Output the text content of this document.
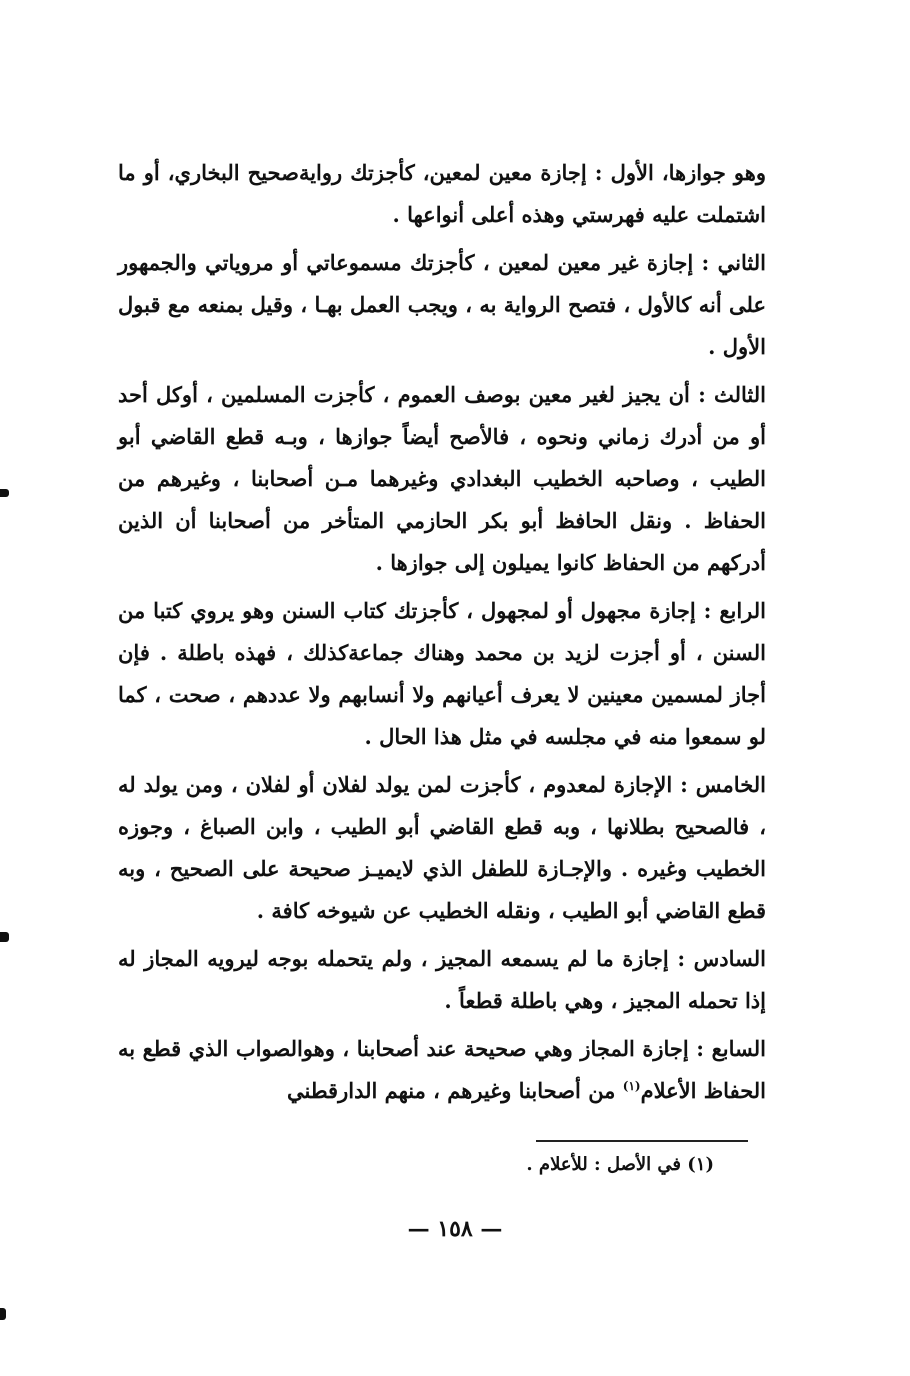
وهو جوازها، الأول : إجازة معين لمعين، كأجزتك روايةصحيح البخاري، أو ما اشتملت عليه فهرستي وهذه أعلى أنواعها .

الثاني : إجازة غير معين لمعين ، كأجزتك مسموعاتي أو مروياتي والجمهور على أنه كالأول ، فتصح الرواية به ، ويجب العمل بهـا ، وقيل بمنعه مع قبول الأول .

الثالث : أن يجيز لغير معين بوصف العموم ، كأجزت المسلمين ، أوكل أحد أو من أدرك زماني ونحوه ، فالأصح أيضاً جوازها ، وبـه قطع القاضي أبو الطيب ، وصاحبه الخطيب البغدادي وغيرهما مـن أصحابنا ، وغيرهم من الحفاظ . ونقل الحافظ أبو بكر الحازمي المتأخر من أصحابنا أن الذين أدركهم من الحفاظ كانوا يميلون إلى جوازها .

الرابع : إجازة مجهول أو لمجهول ، كأجزتك كتاب السنن وهو يروي كتبا من السنن ، أو أجزت لزيد بن محمد وهناك جماعةكذلك ، فهذه باطلة . فإن أجاز لمسمين معينين لا يعرف أعيانهم ولا أنسابهم ولا عددهم ، صحت ، كما لو سمعوا منه في مجلسه في مثل هذا الحال .

الخامس : الإجازة لمعدوم ، كأجزت لمن يولد لفلان أو لفلان ، ومن يولد له ، فالصحيح بطلانها ، وبه قطع القاضي أبو الطيب ، وابن الصباغ ، وجوزه الخطيب وغيره . والإجـازة للطفل الذي لايميـز صحيحة على الصحيح ، وبه قطع القاضي أبو الطيب ، ونقله الخطيب عن شيوخه كافة .

السادس : إجازة ما لم يسمعه المجيز ، ولم يتحمله بوجه ليرويه المجاز له إذا تحمله المجيز ، وهي باطلة قطعاً .

السابع : إجازة المجاز وهي صحيحة عند أصحابنا ، وهوالصواب الذي قطع به الحفاظ الأعلام$^{(١)}$ من أصحابنا وغيرهم ، منهم الدارقطني

(١) في الأصل : للأعلام .
— ١٥٨ —
